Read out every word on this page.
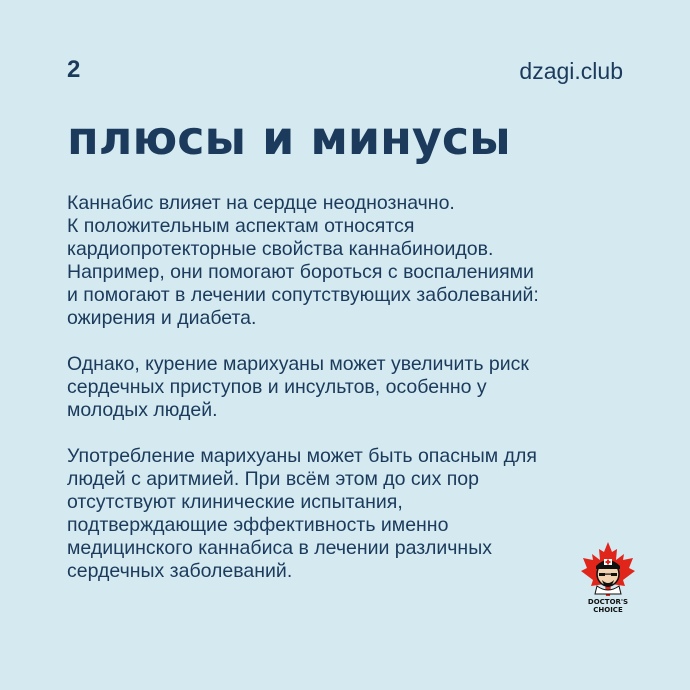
2	dzagi.club
плюсы и минусы

Каннабис влияет на сердце неоднозначно.
К положительным аспектам относятся
кардиопротекторные свойства каннабиноидов.
Например, они помогают бороться с воспалениями
и помогают в лечении сопутствующих заболеваний:
ожирения и диабета.

Однако, курение марихуаны может увеличить риск
сердечных приступов и инсультов, особенно у
молодых людей.

Употребление марихуаны может быть опасным для
людей с аритмией. При всём этом до сих пор
отсутствуют клинические испытания,
подтверждающие эффективность именно
медицинского каннабиса в лечении различных
сердечных заболеваний.

DOCTOR'S
CHOICE
